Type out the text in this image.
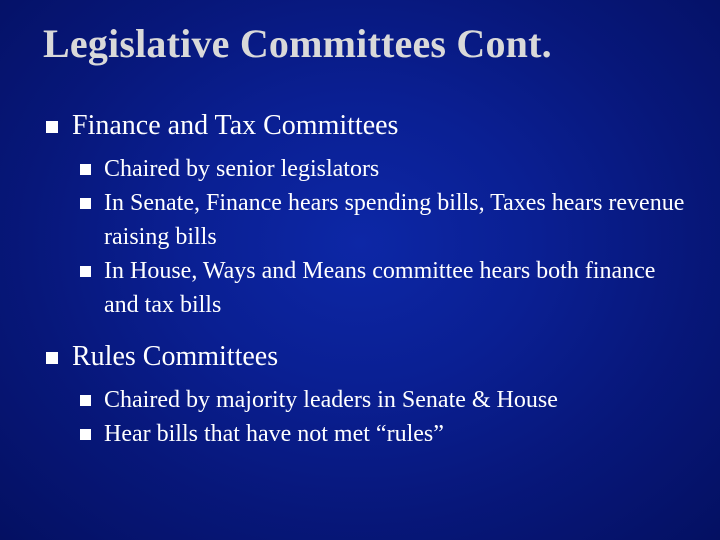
Legislative Committees Cont.
Finance and Tax Committees
Chaired by senior legislators
In Senate, Finance hears spending bills, Taxes hears revenue raising bills
In House, Ways and Means committee hears both finance and tax bills
Rules Committees
Chaired by majority leaders in Senate & House
Hear bills that have not met “rules”
